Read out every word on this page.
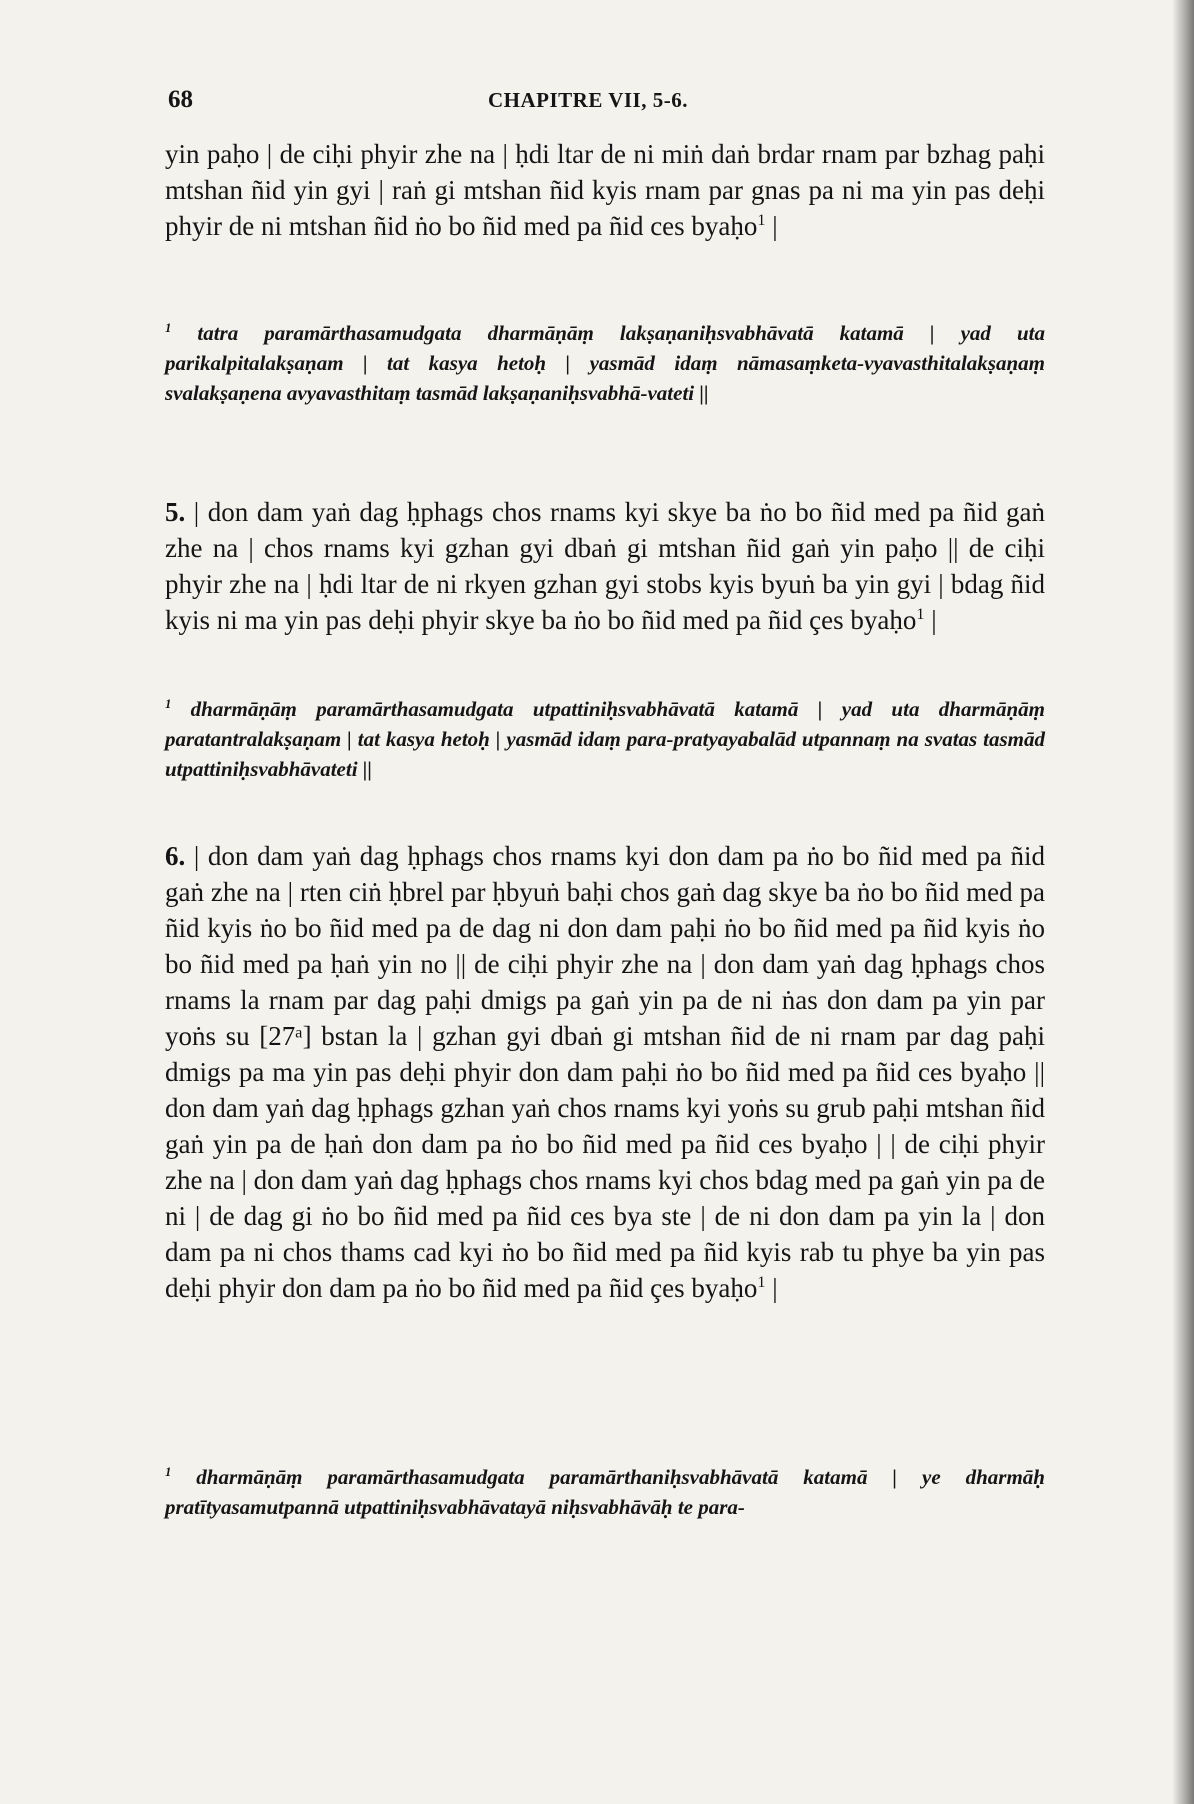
68	CHAPITRE VII, 5-6.
yin paḥo | de ciḥi phyir zhe na | ḥdi ltar de ni miṅ daṅ brdar rnam par bzhag paḥi mtshan ñid yin gyi | raṅ gi mtshan ñid kyis rnam par gnas pa ni ma yin pas deḥi phyir de ni mtshan ñid ṅo bo ñid med pa ñid ces byaḥo$^1$ |
$^1$ tatra paramārthasamudgata dharmāṇāṃ lakṣaṇaniḥsvabhāvatā katamā | yad uta parikalpitalakṣaṇam | tat kasya hetoḥ | yasmād idaṃ nāmasaṃketa-vyavasthitalakṣaṇaṃ svalakṣaṇena avyavasthitaṃ tasmād lakṣaṇaniḥsvabhā-vateti ||
5. | don dam yaṅ dag ḥphags chos rnams kyi skye ba ṅo bo ñid med pa ñid gaṅ zhe na | chos rnams kyi gzhan gyi dbaṅ gi mtshan ñid gaṅ yin paḥo || de ciḥi phyir zhe na | ḥdi ltar de ni rkyen gzhan gyi stobs kyis byuṅ ba yin gyi | bdag ñid kyis ni ma yin pas deḥi phyir skye ba ṅo bo ñid med pa ñid çes byaḥo$^1$ |
$^1$ dharmāṇāṃ paramārthasamudgata utpattiniḥsvabhāvatā katamā | yad uta dharmāṇāṃ paratantralakṣaṇam | tat kasya hetoḥ | yasmād idaṃ para-pratyayabalād utpannaṃ na svatas tasmād utpattiniḥsvabhāvateti ||
6. | don dam yaṅ dag ḥphags chos rnams kyi don dam pa ṅo bo ñid med pa ñid gaṅ zhe na | rten ciṅ ḥbrel par ḥbyuṅ baḥi chos gaṅ dag skye ba ṅo bo ñid med pa ñid kyis ṅo bo ñid med pa de dag ni don dam paḥi ṅo bo ñid med pa ñid kyis ṅo bo ñid med pa ḥaṅ yin no || de ciḥi phyir zhe na | don dam yaṅ dag ḥphags chos rnams la rnam par dag paḥi dmigs pa gaṅ yin pa de ni ṅas don dam pa yin par yoṅs su [27ᵃ] bstan la | gzhan gyi dbaṅ gi mtshan ñid de ni rnam par dag paḥi dmigs pa ma yin pas deḥi phyir don dam paḥi ṅo bo ñid med pa ñid ces byaḥo || don dam yaṅ dag ḥphags gzhan yaṅ chos rnams kyi yoṅs su grub paḥi mtshan ñid gaṅ yin pa de ḥaṅ don dam pa ṅo bo ñid med pa ñid ces byaḥo | | de ciḥi phyir zhe na | don dam yaṅ dag ḥphags chos rnams kyi chos bdag med pa gaṅ yin pa de ni | de dag gi ṅo bo ñid med pa ñid ces bya ste | de ni don dam pa yin la | don dam pa ni chos thams cad kyi ṅo bo ñid med pa ñid kyis rab tu phye ba yin pas deḥi phyir don dam pa ṅo bo ñid med pa ñid çes byaḥo$^1$ |
$^1$ dharmāṇāṃ paramārthasamudgata paramārthaniḥsvabhāvatā katamā | ye dharmāḥ pratītyasamutpannā utpattiniḥsvabhāvatayā niḥsvabhāvāḥ te para-
